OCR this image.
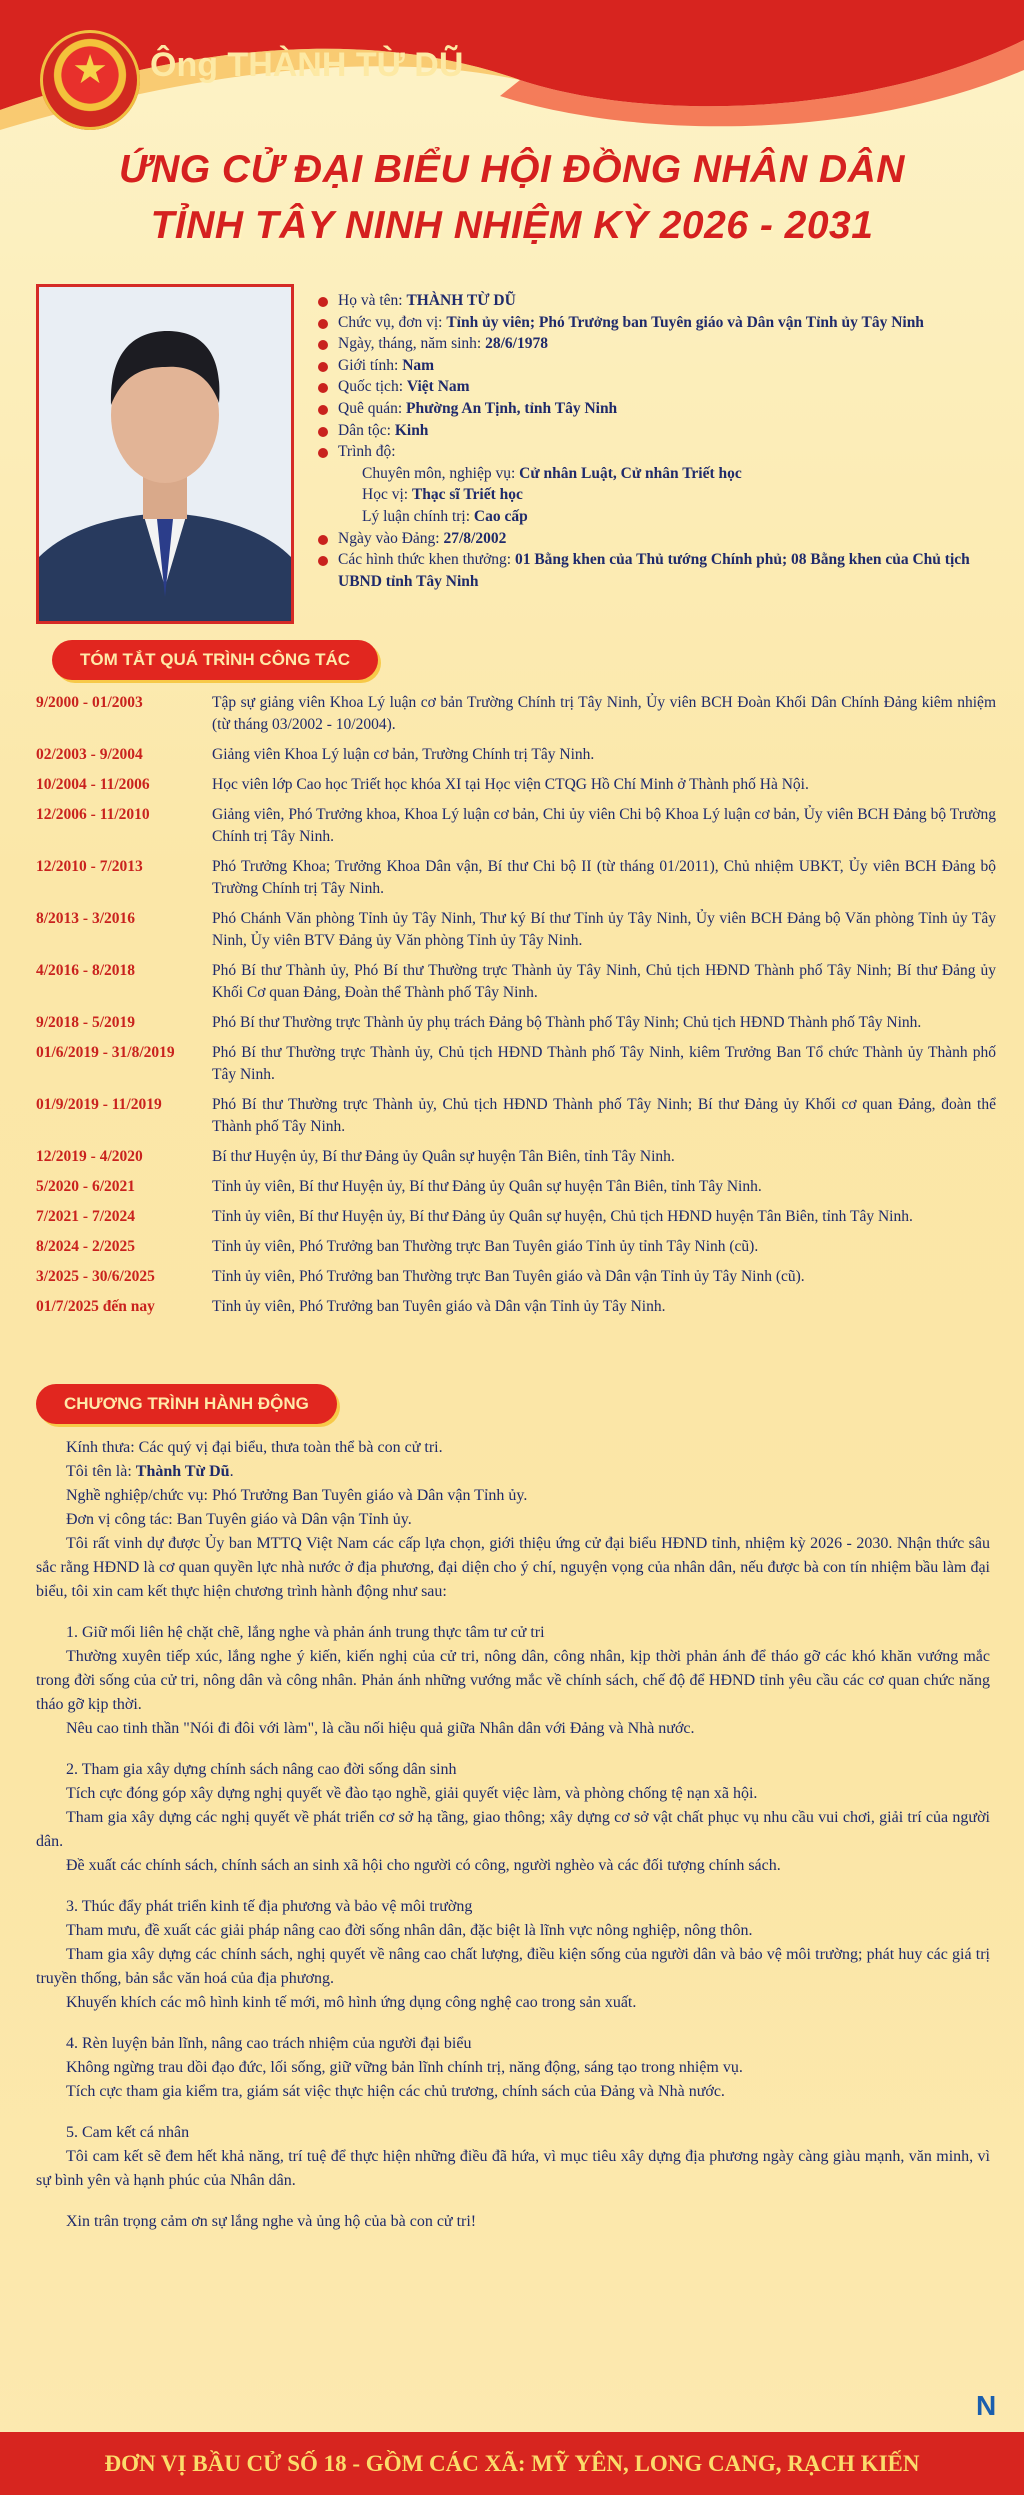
★	Ông THÀNH TỪ DŨ
ỨNG CỬ ĐẠI BIỂU HỘI ĐỒNG NHÂN DÂN
TỈNH TÂY NINH NHIỆM KỲ 2026 - 2031
Họ và tên: THÀNH TỪ DŨ
Chức vụ, đơn vị: Tỉnh ủy viên; Phó Trưởng ban Tuyên giáo và Dân vận Tỉnh ủy Tây Ninh
Ngày, tháng, năm sinh: 28/6/1978
Giới tính: Nam
Quốc tịch: Việt Nam
Quê quán: Phường An Tịnh, tỉnh Tây Ninh
Dân tộc: Kinh
Trình độ:
Chuyên môn, nghiệp vụ: Cử nhân Luật, Cử nhân Triết học
Học vị: Thạc sĩ Triết học
Lý luận chính trị: Cao cấp
Ngày vào Đảng: 27/8/2002
Các hình thức khen thưởng: 01 Bằng khen của Thủ tướng Chính phủ; 08 Bằng khen của Chủ tịch UBND tỉnh Tây Ninh
TÓM TẮT QUÁ TRÌNH CÔNG TÁC
9/2000 - 01/2003	Tập sự giảng viên Khoa Lý luận cơ bản Trường Chính trị Tây Ninh, Ủy viên BCH Đoàn Khối Dân Chính Đảng kiêm nhiệm (từ tháng 03/2002 - 10/2004).
02/2003 - 9/2004	Giảng viên Khoa Lý luận cơ bản, Trường Chính trị Tây Ninh.
10/2004 - 11/2006	Học viên lớp Cao học Triết học khóa XI tại Học viện CTQG Hồ Chí Minh ở Thành phố Hà Nội.
12/2006 - 11/2010	Giảng viên, Phó Trưởng khoa, Khoa Lý luận cơ bản, Chi ủy viên Chi bộ Khoa Lý luận cơ bản, Ủy viên BCH Đảng bộ Trường Chính trị Tây Ninh.
12/2010 - 7/2013	Phó Trưởng Khoa; Trưởng Khoa Dân vận, Bí thư Chi bộ II (từ tháng 01/2011), Chủ nhiệm UBKT, Ủy viên BCH Đảng bộ Trường Chính trị Tây Ninh.
8/2013 - 3/2016	Phó Chánh Văn phòng Tỉnh ủy Tây Ninh, Thư ký Bí thư Tỉnh ủy Tây Ninh, Ủy viên BCH Đảng bộ Văn phòng Tỉnh ủy Tây Ninh, Ủy viên BTV Đảng ủy Văn phòng Tỉnh ủy Tây Ninh.
4/2016 - 8/2018	Phó Bí thư Thành ủy, Phó Bí thư Thường trực Thành ủy Tây Ninh, Chủ tịch HĐND Thành phố Tây Ninh; Bí thư Đảng ủy Khối Cơ quan Đảng, Đoàn thể Thành phố Tây Ninh.
9/2018 - 5/2019	Phó Bí thư Thường trực Thành ủy phụ trách Đảng bộ Thành phố Tây Ninh; Chủ tịch HĐND Thành phố Tây Ninh.
01/6/2019 - 31/8/2019	Phó Bí thư Thường trực Thành ủy, Chủ tịch HĐND Thành phố Tây Ninh, kiêm Trưởng Ban Tổ chức Thành ủy Thành phố Tây Ninh.
01/9/2019 - 11/2019	Phó Bí thư Thường trực Thành ủy, Chủ tịch HĐND Thành phố Tây Ninh; Bí thư Đảng ủy Khối cơ quan Đảng, đoàn thể Thành phố Tây Ninh.
12/2019 - 4/2020	Bí thư Huyện ủy, Bí thư Đảng ủy Quân sự huyện Tân Biên, tỉnh Tây Ninh.
5/2020 - 6/2021	Tỉnh ủy viên, Bí thư Huyện ủy, Bí thư Đảng ủy Quân sự huyện Tân Biên, tỉnh Tây Ninh.
7/2021 - 7/2024	Tỉnh ủy viên, Bí thư Huyện ủy, Bí thư Đảng ủy Quân sự huyện, Chủ tịch HĐND huyện Tân Biên, tỉnh Tây Ninh.
8/2024 - 2/2025	Tỉnh ủy viên, Phó Trưởng ban Thường trực Ban Tuyên giáo Tỉnh ủy tỉnh Tây Ninh (cũ).
3/2025 - 30/6/2025	Tỉnh ủy viên, Phó Trưởng ban Thường trực Ban Tuyên giáo và Dân vận Tỉnh ủy Tây Ninh (cũ).
01/7/2025 đến nay	Tỉnh ủy viên, Phó Trưởng ban Tuyên giáo và Dân vận Tỉnh ủy Tây Ninh.
CHƯƠNG TRÌNH HÀNH ĐỘNG

Kính thưa: Các quý vị đại biểu, thưa toàn thể bà con cử tri.

Tôi tên là: Thành Từ Dũ.

Nghề nghiệp/chức vụ: Phó Trưởng Ban Tuyên giáo và Dân vận Tỉnh ủy.

Đơn vị công tác: Ban Tuyên giáo và Dân vận Tỉnh ủy.

Tôi rất vinh dự được Ủy ban MTTQ Việt Nam các cấp lựa chọn, giới thiệu ứng cử đại biểu HĐND tỉnh, nhiệm kỳ 2026 - 2030. Nhận thức sâu sắc rằng HĐND là cơ quan quyền lực nhà nước ở địa phương, đại diện cho ý chí, nguyện vọng của nhân dân, nếu được bà con tín nhiệm bầu làm đại biểu, tôi xin cam kết thực hiện chương trình hành động như sau:

1. Giữ mối liên hệ chặt chẽ, lắng nghe và phản ánh trung thực tâm tư cử tri

Thường xuyên tiếp xúc, lắng nghe ý kiến, kiến nghị của cử tri, nông dân, công nhân, kịp thời phản ánh để tháo gỡ các khó khăn vướng mắc trong đời sống của cử tri, nông dân và công nhân. Phản ánh những vướng mắc về chính sách, chế độ để HĐND tỉnh yêu cầu các cơ quan chức năng tháo gỡ kịp thời.

Nêu cao tinh thần "Nói đi đôi với làm", là cầu nối hiệu quả giữa Nhân dân với Đảng và Nhà nước.

2. Tham gia xây dựng chính sách nâng cao đời sống dân sinh

Tích cực đóng góp xây dựng nghị quyết về đào tạo nghề, giải quyết việc làm, và phòng chống tệ nạn xã hội.

Tham gia xây dựng các nghị quyết về phát triển cơ sở hạ tầng, giao thông; xây dựng cơ sở vật chất phục vụ nhu cầu vui chơi, giải trí của người dân.

Đề xuất các chính sách, chính sách an sinh xã hội cho người có công, người nghèo và các đối tượng chính sách.

3. Thúc đẩy phát triển kinh tế địa phương và bảo vệ môi trường

Tham mưu, đề xuất các giải pháp nâng cao đời sống nhân dân, đặc biệt là lĩnh vực nông nghiệp, nông thôn.

Tham gia xây dựng các chính sách, nghị quyết về nâng cao chất lượng, điều kiện sống của người dân và bảo vệ môi trường; phát huy các giá trị truyền thống, bản sắc văn hoá của địa phương.

Khuyến khích các mô hình kinh tế mới, mô hình ứng dụng công nghệ cao trong sản xuất.

4. Rèn luyện bản lĩnh, nâng cao trách nhiệm của người đại biểu

Không ngừng trau dồi đạo đức, lối sống, giữ vững bản lĩnh chính trị, năng động, sáng tạo trong nhiệm vụ.

Tích cực tham gia kiểm tra, giám sát việc thực hiện các chủ trương, chính sách của Đảng và Nhà nước.

5. Cam kết cá nhân

Tôi cam kết sẽ đem hết khả năng, trí tuệ để thực hiện những điều đã hứa, vì mục tiêu xây dựng địa phương ngày càng giàu mạnh, văn minh, vì sự bình yên và hạnh phúc của Nhân dân.

Xin trân trọng cảm ơn sự lắng nghe và ủng hộ của bà con cử tri!

N
ĐƠN VỊ BẦU CỬ SỐ 18 - GỒM CÁC XÃ: MỸ YÊN, LONG CANG, RẠCH KIẾN
